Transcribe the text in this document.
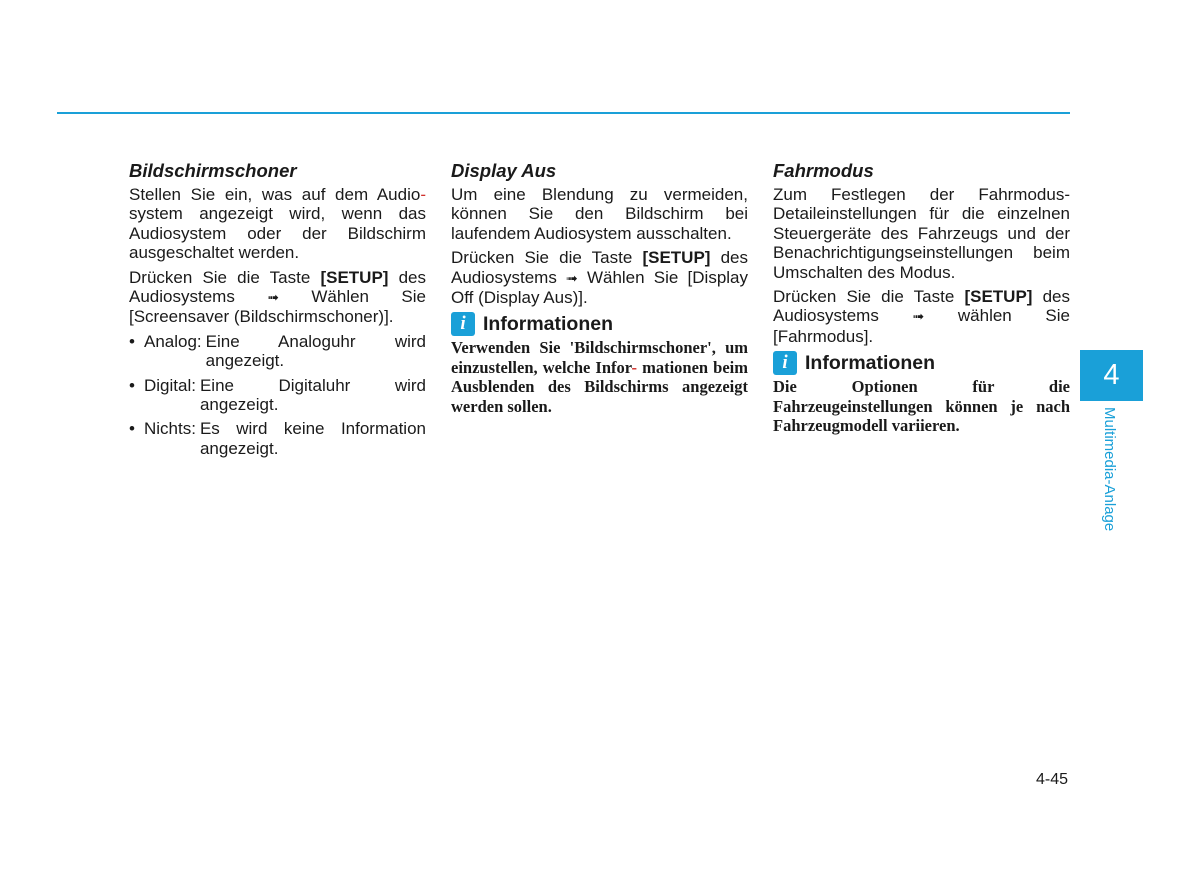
Bildschirmschoner

Stellen Sie ein, was auf dem Audio- system angezeigt wird, wenn das Audiosystem oder der Bildschirm ausgeschaltet werden.

Drücken Sie die Taste [SETUP] des Audiosystems ➟ Wählen Sie [Screensaver (Bildschirmschoner)].

• Analog: Eine Analoguhr wird angezeigt.
• Digital: Eine Digitaluhr wird angezeigt.
• Nichts: Es wird keine Information angezeigt.
Display Aus

Um eine Blendung zu vermeiden, können Sie den Bildschirm bei laufendem Audiosystem ausschalten.

Drücken Sie die Taste [SETUP] des Audiosystems ➟ Wählen Sie [Display Off (Display Aus)].

i Informationen

Verwenden Sie 'Bildschirmschoner', um einzustellen, welche Infor- mationen beim Ausblenden des Bildschirms angezeigt werden sollen.

Fahrmodus

Zum Festlegen der Fahrmodus-Detaileinstellungen für die einzelnen Steuergeräte des Fahrzeugs und der Benachrichtigungseinstellungen beim Umschalten des Modus.

Drücken Sie die Taste [SETUP] des Audiosystems ➟ wählen Sie [Fahrmodus].

i Informationen

Die Optionen für die Fahrzeugeinstellungen können je nach Fahrzeugmodell variieren.

4
Multimedia-Anlage
4-45
